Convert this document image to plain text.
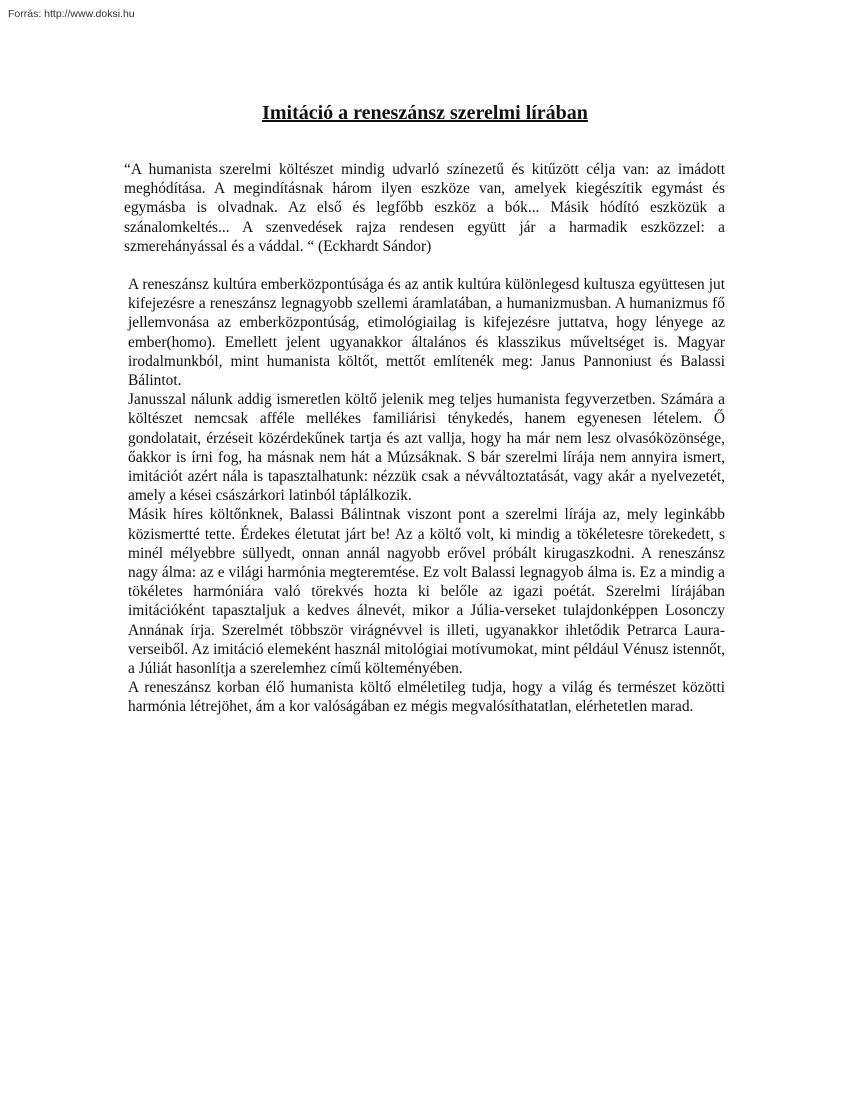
Forrás: http://www.doksi.hu
Imitáció a reneszánsz szerelmi lírában

“A humanista szerelmi költészet mindig udvarló színezetű és kitűzött célja van: az imádott meghódítása. A megindításnak három ilyen eszköze van, amelyek kiegészítik egymást és egymásba is olvadnak. Az első és legfőbb eszköz a bók... Másik hódító eszközük a szánalomkeltés... A szenvedések rajza rendesen együtt jár a harmadik eszközzel: a szmerehányással és a váddal. “ (Eckhardt Sándor)

A reneszánsz kultúra emberközpontúsága és az antik kultúra különlegesd kultusza együttesen jut kifejezésre a reneszánsz legnagyobb szellemi áramlatában, a humanizmusban. A humanizmus fő jellemvonása az emberközpontúság, etimológiailag is kifejezésre juttatva, hogy lényege az ember(homo). Emellett jelent ugyanakkor általános és klasszikus műveltséget is. Magyar irodalmunkból, mint humanista költőt, mettőt említenék meg: Janus Pannoniust és Balassi Bálintot.

Janusszal nálunk addig ismeretlen költő jelenik meg teljes humanista fegyverzetben. Számára a költészet nemcsak afféle mellékes familiárisi ténykedés, hanem egyenesen lételem. Ő gondolatait, érzéseit közérdekűnek tartja és azt vallja, hogy ha már nem lesz olvasóközönsége, őakkor is írni fog, ha másnak nem hát a Múzsáknak. S bár szerelmi lírája nem annyira ismert, imitációt azért nála is tapasztalhatunk: nézzük csak a névváltoztatását, vagy akár a nyelvezetét, amely a kései császárkori latinból táplálkozik.

Másik híres költőnknek, Balassi Bálintnak viszont pont a szerelmi lírája az, mely leginkább közismertté tette. Érdekes életutat járt be! Az a költő volt, ki mindig a tökéletesre törekedett, s minél mélyebbre süllyedt, onnan annál nagyobb erővel próbált kirugaszkodni. A reneszánsz nagy álma: az e világi harmónia megteremtése. Ez volt Balassi legnagyob álma is. Ez a mindig a tökéletes harmóniára való törekvés hozta ki belőle az igazi poétát. Szerelmi lírájában imitációként tapasztaljuk a kedves álnevét, mikor a Júlia-verseket tulajdonképpen Losonczy Annának írja. Szerelmét többször virágnévvel is illeti, ugyanakkor ihletődik Petrarca Laura-verseiből. Az imitáció elemeként használ mitológiai motívumokat, mint például Vénusz istennőt, a Júliát hasonlítja a szerelemhez című költeményében.

A reneszánsz korban élő humanista költő elméletileg tudja, hogy a világ és természet közötti harmónia létrejöhet, ám a kor valóságában ez mégis megvalósíthatatlan, elérhetetlen marad.
